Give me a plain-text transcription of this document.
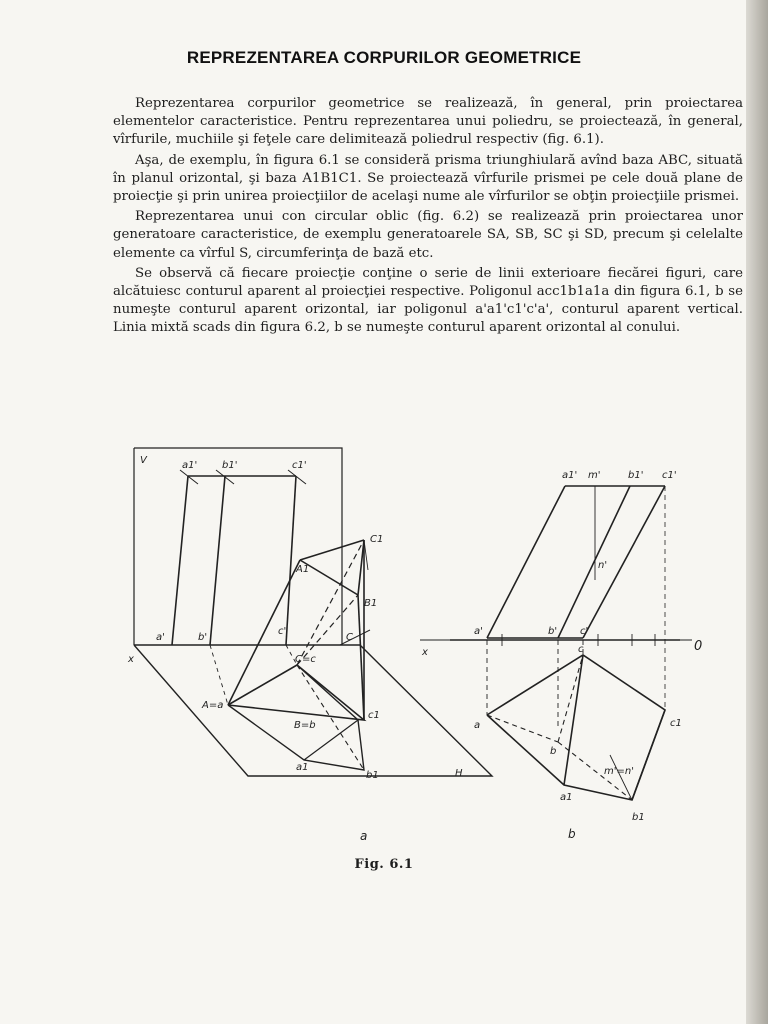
REPREZENTAREA CORPURILOR GEOMETRICE

Reprezentarea corpurilor geometrice se realizează, în general, prin proiectarea elementelor caracteristice. Pentru reprezentarea unui poliedru, se proiectează, în general, vîrfurile, muchiile şi feţele care delimitează poliedrul respectiv (fig. 6.1).

Aşa, de exemplu, în figura 6.1 se consideră prisma triunghiulară avînd baza ABC, situată în planul orizontal, şi baza A1B1C1. Se proiectează vîrfurile prismei pe cele două plane de proiecţie şi prin unirea proiecţiilor de acelaşi nume ale vîrfurilor se obţin proiecţiile prismei.

Reprezentarea unui con circular oblic (fig. 6.2) se realizează prin proiectarea unor generatoare caracteristice, de exemplu generatoarele SA, SB, SC şi SD, precum şi celelalte elemente ca vîrful S, circumferinţa de bază etc.

Se observă că fiecare proiecţie conţine o serie de linii exterioare fiecărei figuri, care alcătuiesc conturul aparent al proiecţiei respective. Poligonul acc1b1a1a din figura 6.1, b se numeşte conturul aparent orizontal, iar poligonul a'a1'c1'c'a', conturul aparent vertical. Linia mixtă scads din figura 6.2, b se numeşte conturul aparent orizontal al conului.

V	a1' b1'	c1'
C1
A1
B1
a'	b'
c'
C
x	C=c
A=a
B=b
c1
a1
b1	H
a1' m'	b1' c1'
n'
a'	b' c'
x	0
c
a
b
c1
m'=n'
a1
b1
a	b
Fig. 6.1
